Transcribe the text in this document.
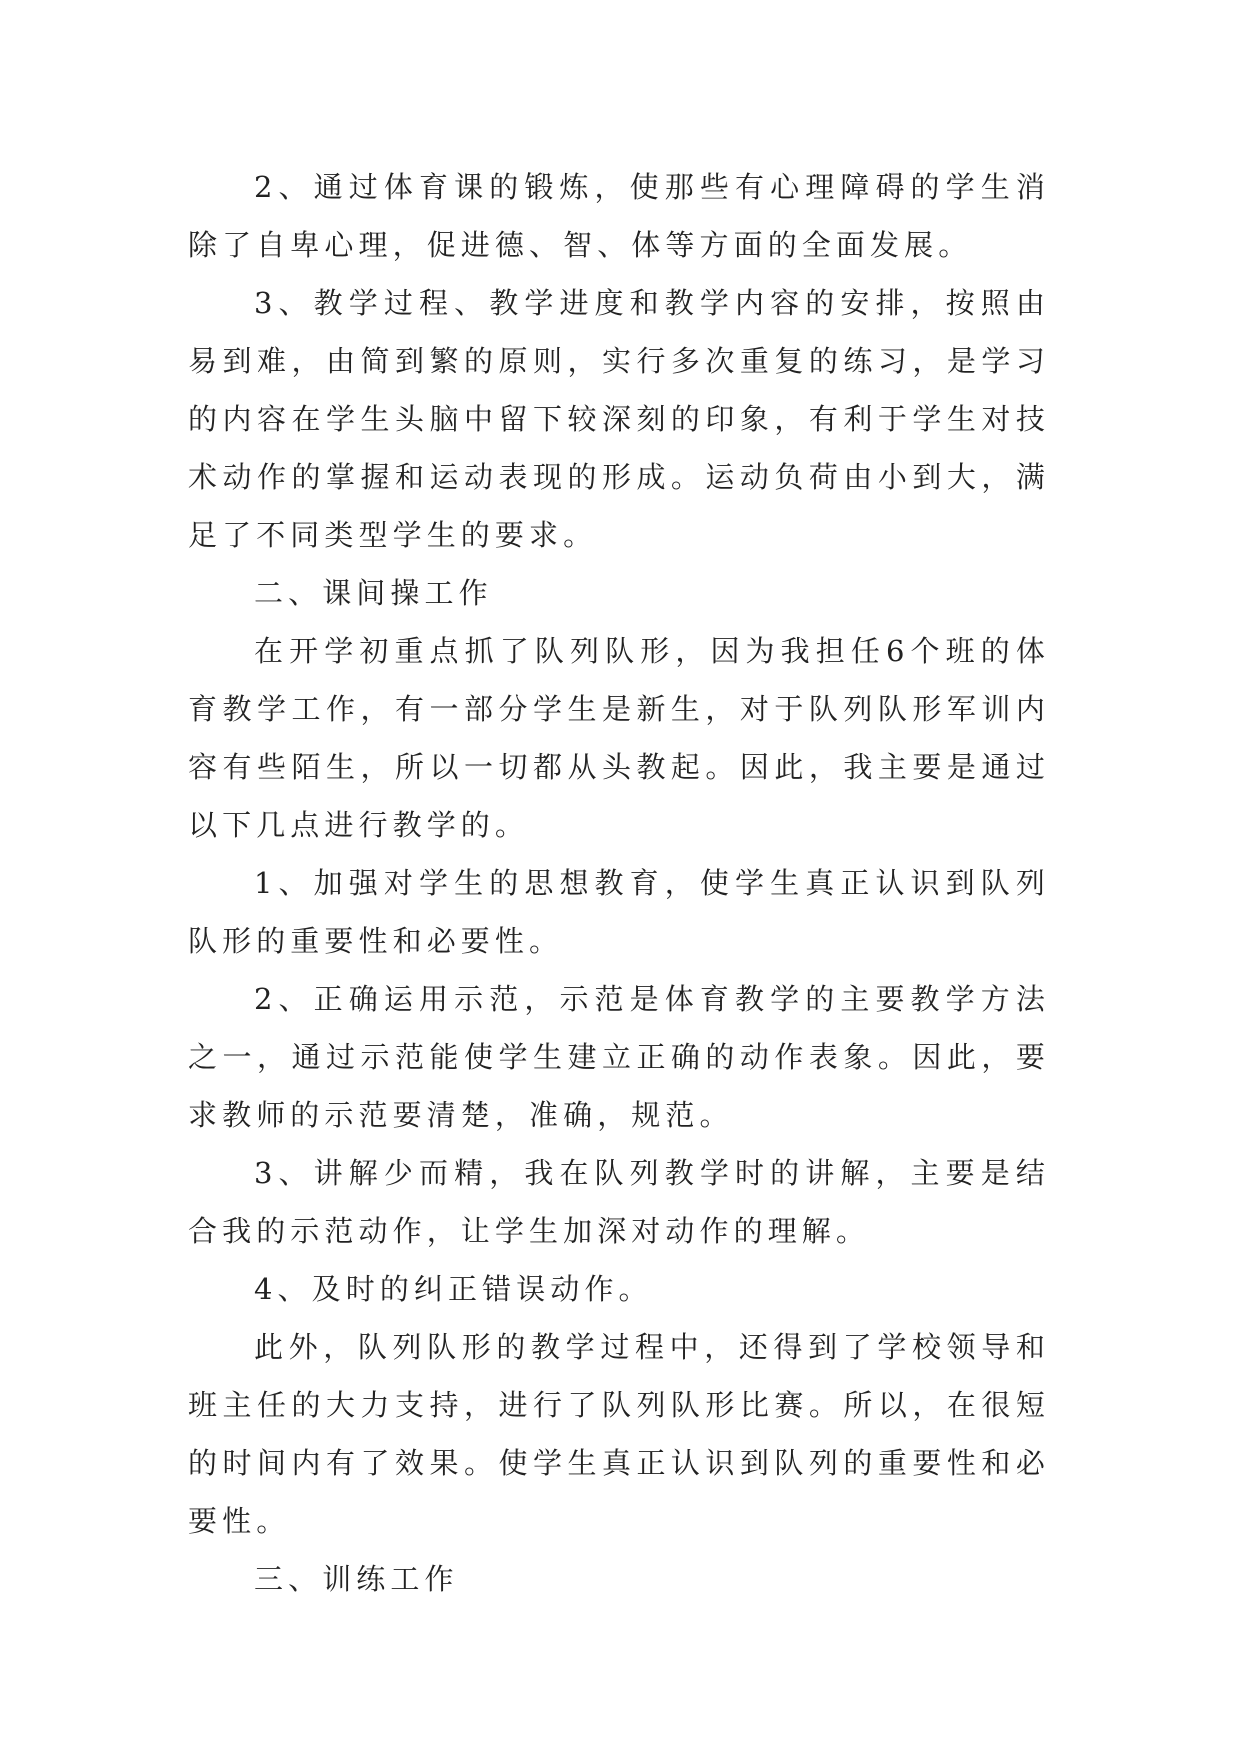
2、通过体育课的锻炼，使那些有心理障碍的学生消除了自卑心理，促进德、智、体等方面的全面发展。

3、教学过程、教学进度和教学内容的安排，按照由易到难，由简到繁的原则，实行多次重复的练习，是学习的内容在学生头脑中留下较深刻的印象，有利于学生对技术动作的掌握和运动表现的形成。运动负荷由小到大，满足了不同类型学生的要求。

二、课间操工作

在开学初重点抓了队列队形，因为我担任6个班的体育教学工作，有一部分学生是新生，对于队列队形军训内容有些陌生，所以一切都从头教起。因此，我主要是通过以下几点进行教学的。

1、加强对学生的思想教育，使学生真正认识到队列队形的重要性和必要性。

2、正确运用示范，示范是体育教学的主要教学方法之一，通过示范能使学生建立正确的动作表象。因此，要求教师的示范要清楚，准确，规范。

3、讲解少而精，我在队列教学时的讲解，主要是结合我的示范动作，让学生加深对动作的理解。

4、及时的纠正错误动作。

此外，队列队形的教学过程中，还得到了学校领导和班主任的大力支持，进行了队列队形比赛。所以，在很短的时间内有了效果。使学生真正认识到队列的重要性和必要性。

三、训练工作
